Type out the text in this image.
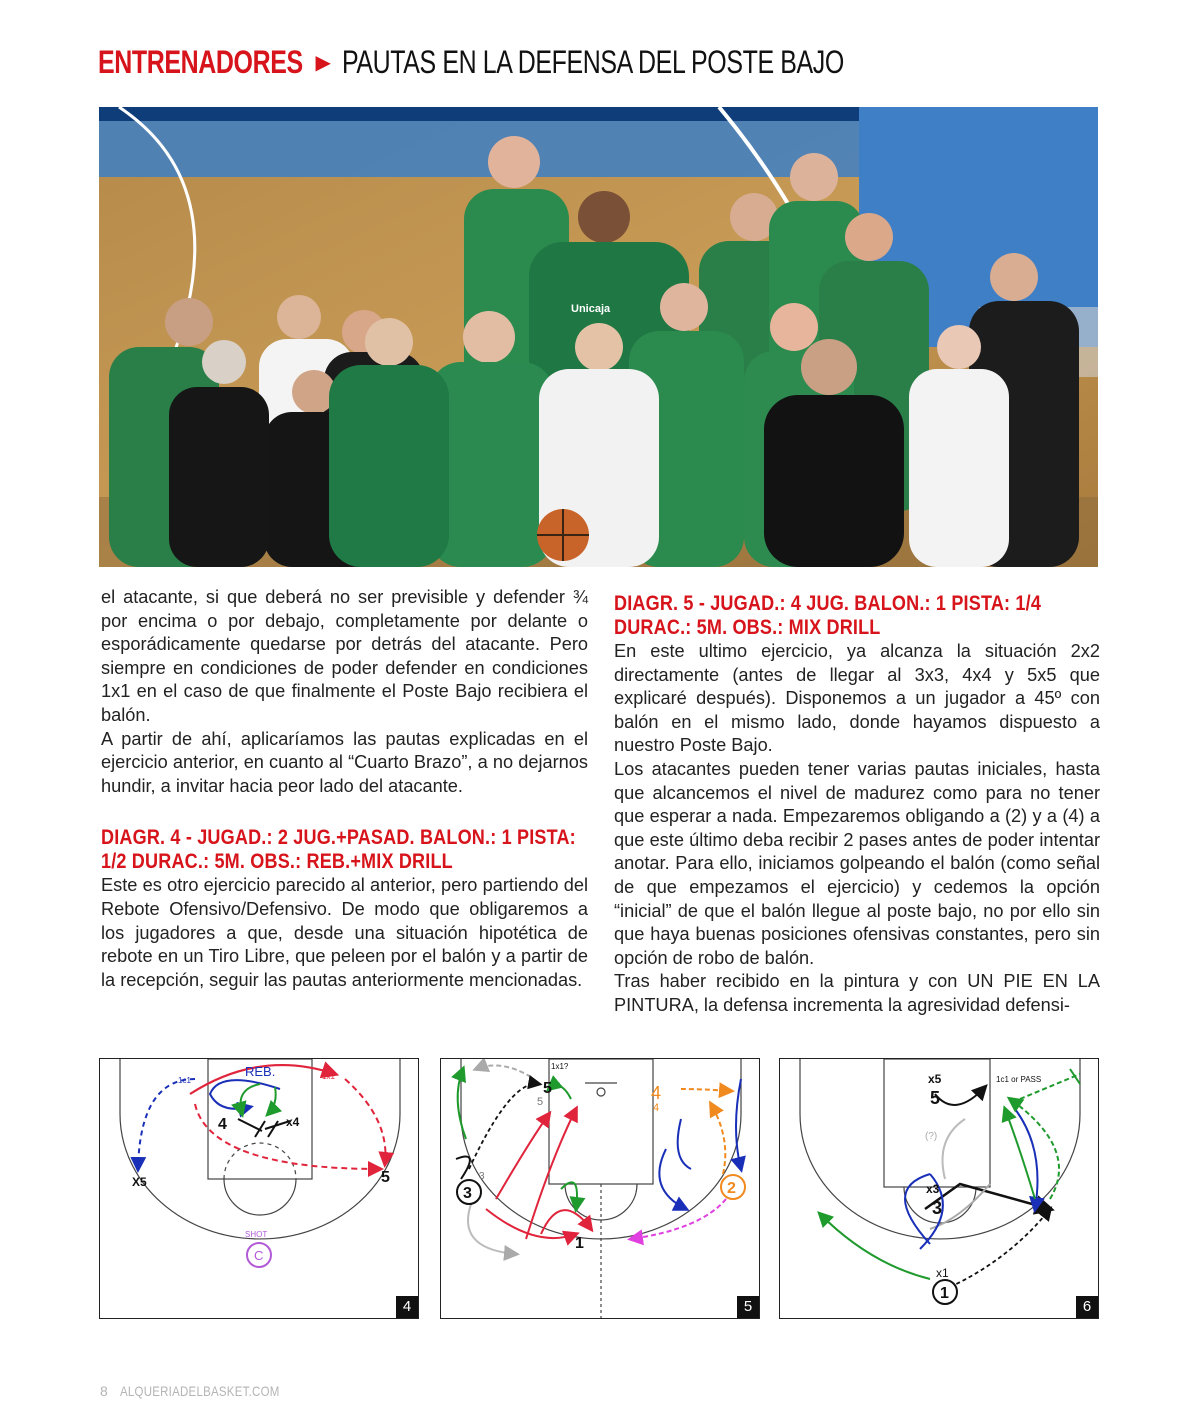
ENTRENADORES ▶ PAUTAS EN LA DEFENSA DEL POSTE BAJO
Unicaja

el atacante, si que deberá no ser previsible y defender ¾ por encima o por debajo, completamente por delante o esporádicamente quedarse por detrás del atacante. Pero siempre en condiciones de poder defender en condiciones 1x1 en el caso de que finalmente el Poste Bajo recibiera el balón.

A partir de ahí, aplicaríamos las pautas explicadas en el ejercicio anterior, en cuanto al “Cuarto Brazo”, a no dejarnos hundir, a invitar hacia peor lado del atacante.

DIAGR. 4 - JUGAD.: 2 JUG.+PASAD. BALON.: 1 PISTA: 1/2 DURAC.: 5M. OBS.: REB.+MIX DRILL

Este es otro ejercicio parecido al anterior, pero partiendo del Rebote Ofensivo/Defensivo. De modo que obligaremos a los jugadores a que, desde una situación hipotética de rebote en un Tiro Libre, que peleen por el balón y a partir de la recepción, seguir las pautas anteriormente mencionadas.

DIAGR. 5 - JUGAD.: 4 JUG. BALON.: 1 PISTA: 1/4 DURAC.: 5M. OBS.: MIX DRILL

En este ultimo ejercicio, ya alcanza la situación 2x2 directamente (antes de llegar al 3x3, 4x4 y 5x5 que explicaré después). Disponemos a un jugador a 45º con balón en el mismo lado, donde hayamos dispuesto a nuestro Poste Bajo.

Los atacantes pueden tener varias pautas iniciales, hasta que alcancemos el nivel de madurez como para no tener que esperar a nada. Empezaremos obligando a (2) y a (4) a que este último deba recibir 2 pases antes de poder intentar anotar. Para ello, iniciamos golpeando el balón (como señal de que empezamos el ejercicio) y cedemos la opción “inicial” de que el balón llegue al poste bajo, no por ello sin que haya buenas posiciones ofensivas constantes, pero sin opción de robo de balón.

Tras haber recibido en la pintura y con UN PIE EN LA PINTURA, la defensa incrementa la agresividad defensi-

1c1
REB.	1x1
4	x4
X5	5
SHOT
C
4
1x1?
5
5	4
4
3
3
2
1
5
x5
5
1c1 or PASS
(?)
x3
3
x1
1
6
8 ALQUERIADELBASKET.COM
